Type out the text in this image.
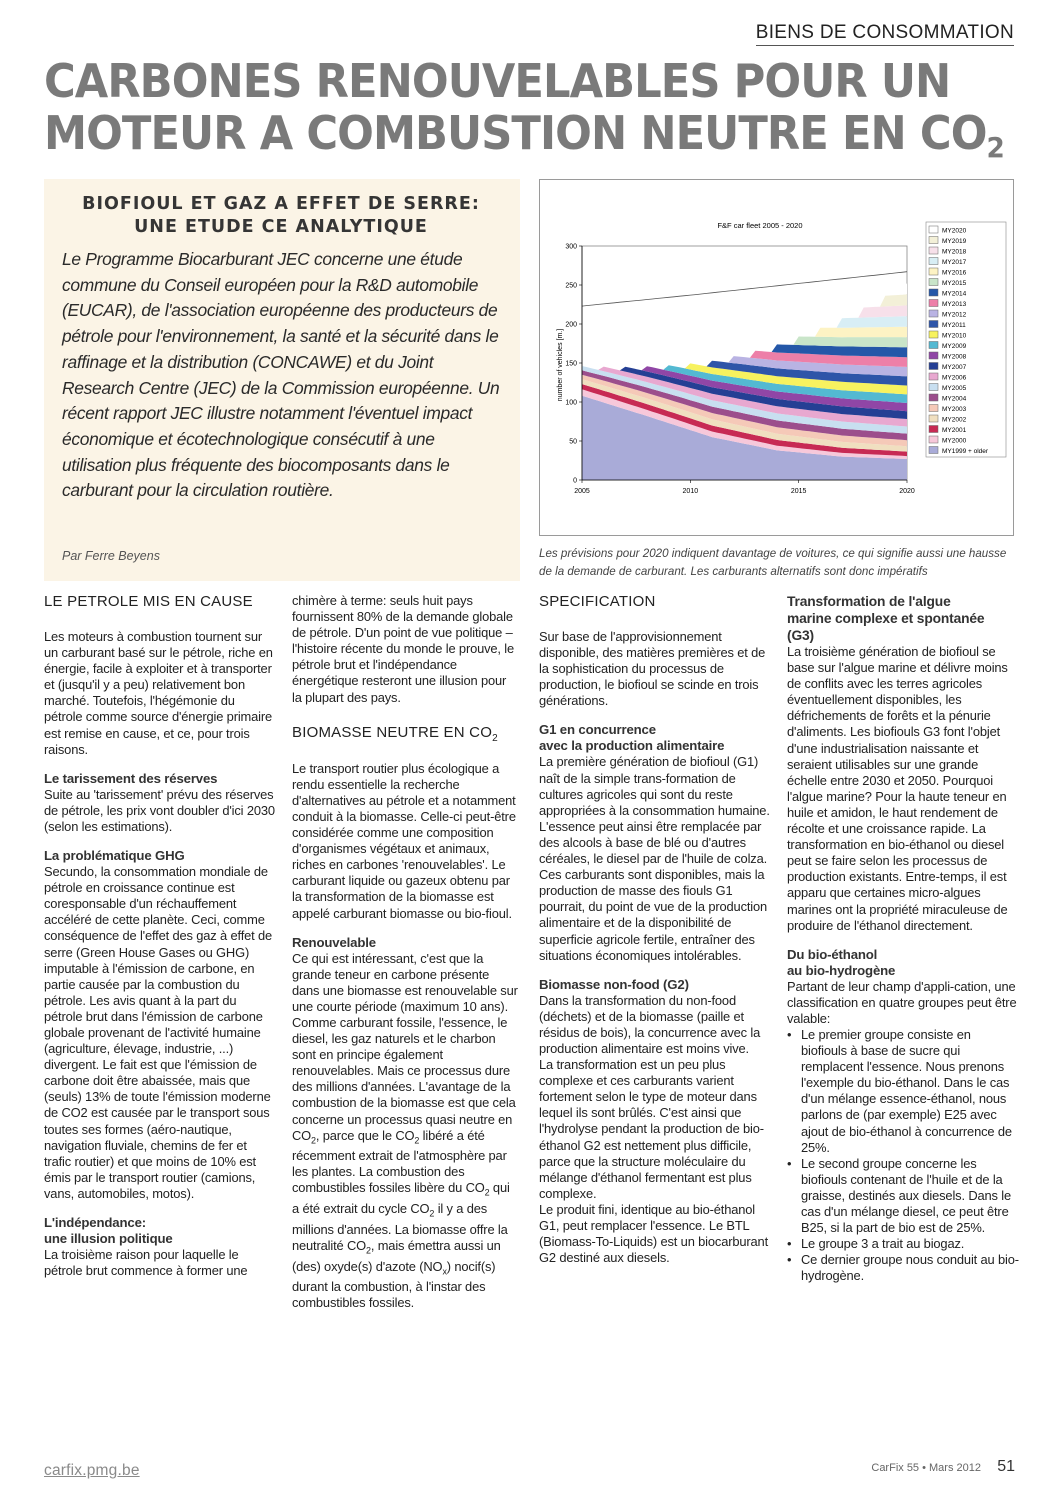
BIENS DE CONSOMMATION
CARBONES RENOUVELABLES POUR UN
MOTEUR A COMBUSTION NEUTRE EN $CO_2$
BIOFIOUL ET GAZ A EFFET DE SERRE:
UNE ETUDE CE ANALYTIQUE

Le Programme Biocarburant JEC concerne une étude commune du Conseil européen pour la R&D automobile (EUCAR), de l'association européenne des producteurs de pétrole pour l'environnement, la santé et la sécurité dans le raffinage et la distribution (CONCAWE) et du Joint Research Centre (JEC) de la Commission européenne. Un récent rapport JEC illustre notamment l'éventuel impact économique et écotechnologique consécutif à une utilisation plus fréquente des biocomposants dans le carburant pour la circulation routière.

Par Ferre Beyens
F&F car fleet 2005 - 2020
number of vehicles [m.]
0
50
100
150
200
250
300
2005	2010	2015	2020
MY2020
MY2019
MY2018
MY2017
MY2016
MY2015
MY2014
MY2013
MY2012
MY2011
MY2010
MY2009
MY2008
MY2007
MY2006
MY2005
MY2004
MY2003
MY2002
MY2001
MY2000
MY1999 + older
Les prévisions pour 2020 indiquent davantage de voitures, ce qui signifie aussi une hausse de la demande de carburant. Les carburants alternatifs sont donc impératifs
LE PETROLE MIS EN CAUSE

Les moteurs à combustion tournent sur un carburant basé sur le pétrole, riche en énergie, facile à exploiter et à transporter et (jusqu'il y a peu) relativement bon marché. Toutefois, l'hégémonie du pétrole comme source d'énergie primaire est remise en cause, et ce, pour trois raisons.

Le tarissement des réserves

Suite au 'tarissement' prévu des réserves de pétrole, les prix vont doubler d'ici 2030 (selon les estimations).

La problématique GHG

Secundo, la consommation mondiale de pétrole en croissance continue est coresponsable d'un réchauffement accéléré de cette planète. Ceci, comme conséquence de l'effet des gaz à effet de serre (Green House Gases ou GHG) imputable à l'émission de carbone, en partie causée par la combustion du pétrole. Les avis quant à la part du pétrole brut dans l'émission de carbone globale provenant de l'activité humaine (agriculture, élevage, industrie, ...) divergent. Le fait est que l'émission de carbone doit être abaissée, mais que (seuls) 13% de toute l'émission moderne de CO2 est causée par le transport sous toutes ses formes (aéro-nautique, navigation fluviale, chemins de fer et trafic routier) et que moins de 10% est émis par le transport routier (camions, vans, automobiles, motos).

L'indépendance:
une illusion politique

La troisième raison pour laquelle le pétrole brut commence à former une

chimère à terme: seuls huit pays fournissent 80% de la demande globale de pétrole. D'un point de vue politique – l'histoire récente du monde le prouve, le pétrole brut et l'indépendance énergétique resteront une illusion pour la plupart des pays.

BIOMASSE NEUTRE EN $CO_2$

Le transport routier plus écologique a rendu essentielle la recherche d'alternatives au pétrole et a notamment conduit à la biomasse. Celle-ci peut-être considérée comme une composition d'organismes végétaux et animaux, riches en carbones 'renouvelables'. Le carburant liquide ou gazeux obtenu par la transformation de la biomasse est appelé carburant biomasse ou bio-fioul.

Renouvelable

Ce qui est intéressant, c'est que la grande teneur en carbone présente dans une biomasse est renouvelable sur une courte période (maximum 10 ans). Comme carburant fossile, l'essence, le diesel, les gaz naturels et le charbon sont en principe également renouvelables. Mais ce processus dure des millions d'années. L'avantage de la combustion de la biomasse est que cela concerne un processus quasi neutre en $CO_2$, parce que le $CO_2$ libéré a été récemment extrait de l'atmosphère par les plantes. La combustion des combustibles fossiles libère du $CO_2$ qui a été extrait du cycle $CO_2$ il y a des millions d'années. La biomasse offre la neutralité $CO_2$, mais émettra aussi un (des) oxyde(s) d'azote $(NO_x)$ nocif(s) durant la combustion, à l'instar des combustibles fossiles.

SPECIFICATION

Sur base de l'approvisionnement disponible, des matières premières et de la sophistication du processus de production, le biofioul se scinde en trois générations.

G1 en concurrence
avec la production alimentaire

La première génération de biofioul (G1) naît de la simple trans-formation de cultures agricoles qui sont du reste appropriées à la consommation humaine. L'essence peut ainsi être remplacée par des alcools à base de blé ou d'autres céréales, le diesel par de l'huile de colza.

Ces carburants sont disponibles, mais la production de masse des fiouls G1 pourrait, du point de vue de la production alimentaire et de la disponibilité de superficie agricole fertile, entraîner des situations économiques intolérables.

Biomasse non-food (G2)

Dans la transformation du non-food (déchets) et de la biomasse (paille et résidus de bois), la concurrence avec la production alimentaire est moins vive.

La transformation est un peu plus complexe et ces carburants varient fortement selon le type de moteur dans lequel ils sont brûlés. C'est ainsi que l'hydrolyse pendant la production de bio-éthanol G2 est nettement plus difficile, parce que la structure moléculaire du mélange d'éthanol fermentant est plus complexe.

Le produit fini, identique au bio-éthanol G1, peut remplacer l'essence. Le BTL (Biomass-To-Liquids) est un biocarburant G2 destiné aux diesels.

Transformation de l'algue
marine complexe et spontanée
(G3)

La troisième génération de biofioul se base sur l'algue marine et délivre moins de conflits avec les terres agricoles éventuellement disponibles, les défrichements de forêts et la pénurie d'aliments. Les biofiouls G3 font l'objet d'une industrialisation naissante et seraient utilisables sur une grande échelle entre 2030 et 2050. Pourquoi l'algue marine? Pour la haute teneur en huile et amidon, le haut rendement de récolte et une croissance rapide. La transformation en bio-éthanol ou diesel peut se faire selon les processus de production existants. Entre-temps, il est apparu que certaines micro-algues marines ont la propriété miraculeuse de produire de l'éthanol directement.

Du bio-éthanol
au bio-hydrogène

Partant de leur champ d'appli-cation, une classification en quatre groupes peut être valable:

• Le premier groupe consiste en biofiouls à base de sucre qui remplacent l'essence. Nous prenons l'exemple du bio-éthanol. Dans le cas d'un mélange essence-éthanol, nous parlons de (par exemple) E25 avec ajout de bio-éthanol à concurrence de 25%.
• Le second groupe concerne les biofiouls contenant de l'huile et de la graisse, destinés aux diesels. Dans le cas d'un mélange diesel, ce peut être B25, si la part de bio est de 25%.
• Le groupe 3 a trait au biogaz.
• Ce dernier groupe nous conduit au bio-hydrogène.
carfix.pmg.be	CarFix 55 • Mars 2012 51
